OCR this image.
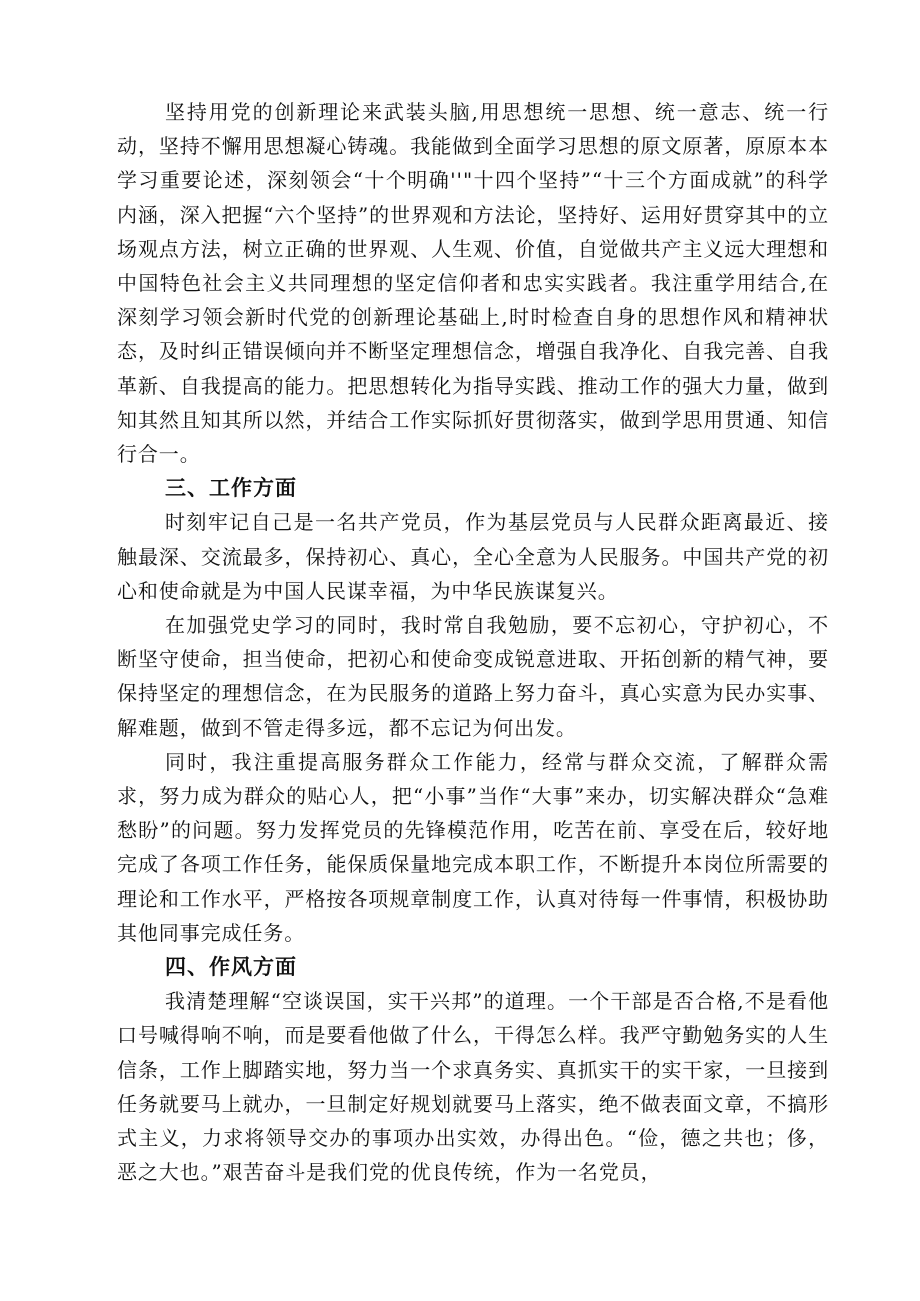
坚持用党的创新理论来武装头脑,用思想统一思想、统一意志、统一行动，坚持不懈用思想凝心铸魂。我能做到全面学习思想的原文原著，原原本本学习重要论述，深刻领会“十个明确''"十四个坚持”“十三个方面成就”的科学内涵，深入把握“六个坚持”的世界观和方法论，坚持好、运用好贯穿其中的立场观点方法，树立正确的世界观、人生观、价值，自觉做共产主义远大理想和中国特色社会主义共同理想的坚定信仰者和忠实实践者。我注重学用结合,在深刻学习领会新时代党的创新理论基础上,时时检查自身的思想作风和精神状态，及时纠正错误倾向并不断坚定理想信念，增强自我净化、自我完善、自我革新、自我提高的能力。把思想转化为指导实践、推动工作的强大力量，做到知其然且知其所以然，并结合工作实际抓好贯彻落实，做到学思用贯通、知信行合一。

三、工作方面

时刻牢记自己是一名共产党员，作为基层党员与人民群众距离最近、接触最深、交流最多，保持初心、真心，全心全意为人民服务。中国共产党的初心和使命就是为中国人民谋幸福，为中华民族谋复兴。

在加强党史学习的同时，我时常自我勉励，要不忘初心，守护初心，不断坚守使命，担当使命，把初心和使命变成锐意进取、开拓创新的精气神，要保持坚定的理想信念，在为民服务的道路上努力奋斗，真心实意为民办实事、解难题，做到不管走得多远，都不忘记为何出发。

同时，我注重提高服务群众工作能力，经常与群众交流，了解群众需求，努力成为群众的贴心人，把“小事”当作“大事”来办，切实解决群众“急难愁盼”的问题。努力发挥党员的先锋模范作用，吃苦在前、享受在后，较好地完成了各项工作任务，能保质保量地完成本职工作，不断提升本岗位所需要的理论和工作水平，严格按各项规章制度工作，认真对待每一件事情，积极协助其他同事完成任务。

四、作风方面

我清楚理解“空谈误国，实干兴邦”的道理。一个干部是否合格,不是看他口号喊得响不响，而是要看他做了什么，干得怎么样。我严守勤勉务实的人生信条，工作上脚踏实地，努力当一个求真务实、真抓实干的实干家，一旦接到任务就要马上就办，一旦制定好规划就要马上落实，绝不做表面文章，不搞形式主义，力求将领导交办的事项办出实效，办得出色。“俭，德之共也；侈，恶之大也。”艰苦奋斗是我们党的优良传统，作为一名党员，
